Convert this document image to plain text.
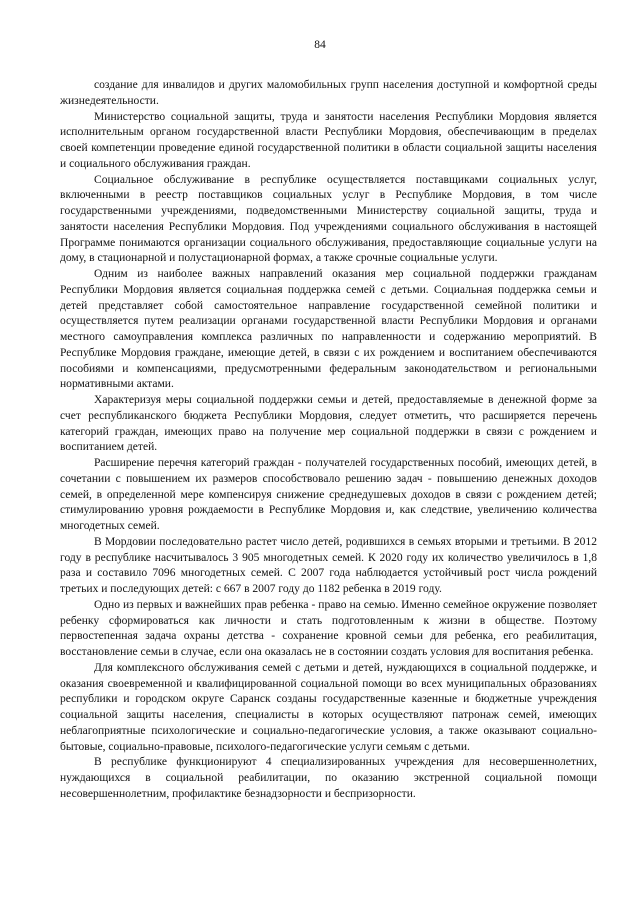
84

создание для инвалидов и других маломобильных групп населения доступной и комфортной среды жизнедеятельности.

Министерство социальной защиты, труда и занятости населения Республики Мордовия является исполнительным органом государственной власти Республики Мордовия, обеспечивающим в пределах своей компетенции проведение единой государственной политики в области социальной защиты населения и социального обслуживания граждан.

Социальное обслуживание в республике осуществляется поставщиками социальных услуг, включенными в реестр поставщиков социальных услуг в Республике Мордовия, в том числе государственными учреждениями, подведомственными Министерству социальной защиты, труда и занятости населения Республики Мордовия. Под учреждениями социального обслуживания в настоящей Программе понимаются организации социального обслуживания, предоставляющие социальные услуги на дому, в стационарной и полустационарной формах, а также срочные социальные услуги.

Одним из наиболее важных направлений оказания мер социальной поддержки гражданам Республики Мордовия является социальная поддержка семей с детьми. Социальная поддержка семьи и детей представляет собой самостоятельное направление государственной семейной политики и осуществляется путем реализации органами государственной власти Республики Мордовия и органами местного самоуправления комплекса различных по направленности и содержанию мероприятий. В Республике Мордовия граждане, имеющие детей, в связи с их рождением и воспитанием обеспечиваются пособиями и компенсациями, предусмотренными федеральным законодательством и региональными нормативными актами.

Характеризуя меры социальной поддержки семьи и детей, предоставляемые в денежной форме за счет республиканского бюджета Республики Мордовия, следует отметить, что расширяется перечень категорий граждан, имеющих право на получение мер социальной поддержки в связи с рождением и воспитанием детей.

Расширение перечня категорий граждан - получателей государственных пособий, имеющих детей, в сочетании с повышением их размеров способствовало решению задач - повышению денежных доходов семей, в определенной мере компенсируя снижение среднедушевых доходов в связи с рождением детей; стимулированию уровня рождаемости в Республике Мордовия и, как следствие, увеличению количества многодетных семей.

В Мордовии последовательно растет число детей, родившихся в семьях вторыми и третьими. В 2012 году в республике насчитывалось 3 905 многодетных семей. К 2020 году их количество увеличилось в 1,8 раза и составило 7096 многодетных семей. С 2007 года наблюдается устойчивый рост числа рождений третьих и последующих детей: с 667 в 2007 году до 1182 ребенка в 2019 году.

Одно из первых и важнейших прав ребенка - право на семью. Именно семейное окружение позволяет ребенку сформироваться как личности и стать подготовленным к жизни в обществе. Поэтому первостепенная задача охраны детства - сохранение кровной семьи для ребенка, его реабилитация, восстановление семьи в случае, если она оказалась не в состоянии создать условия для воспитания ребенка.

Для комплексного обслуживания семей с детьми и детей, нуждающихся в социальной поддержке, и оказания своевременной и квалифицированной социальной помощи во всех муниципальных образованиях республики и городском округе Саранск созданы государственные казенные и бюджетные учреждения социальной защиты населения, специалисты в которых осуществляют патронаж семей, имеющих неблагоприятные психологические и социально-педагогические условия, а также оказывают социально-бытовые, социально-правовые, психолого-педагогические услуги семьям с детьми.

В республике функционируют 4 специализированных учреждения для несовершеннолетних, нуждающихся в социальной реабилитации, по оказанию экстренной социальной помощи несовершеннолетним, профилактике безнадзорности и беспризорности.
